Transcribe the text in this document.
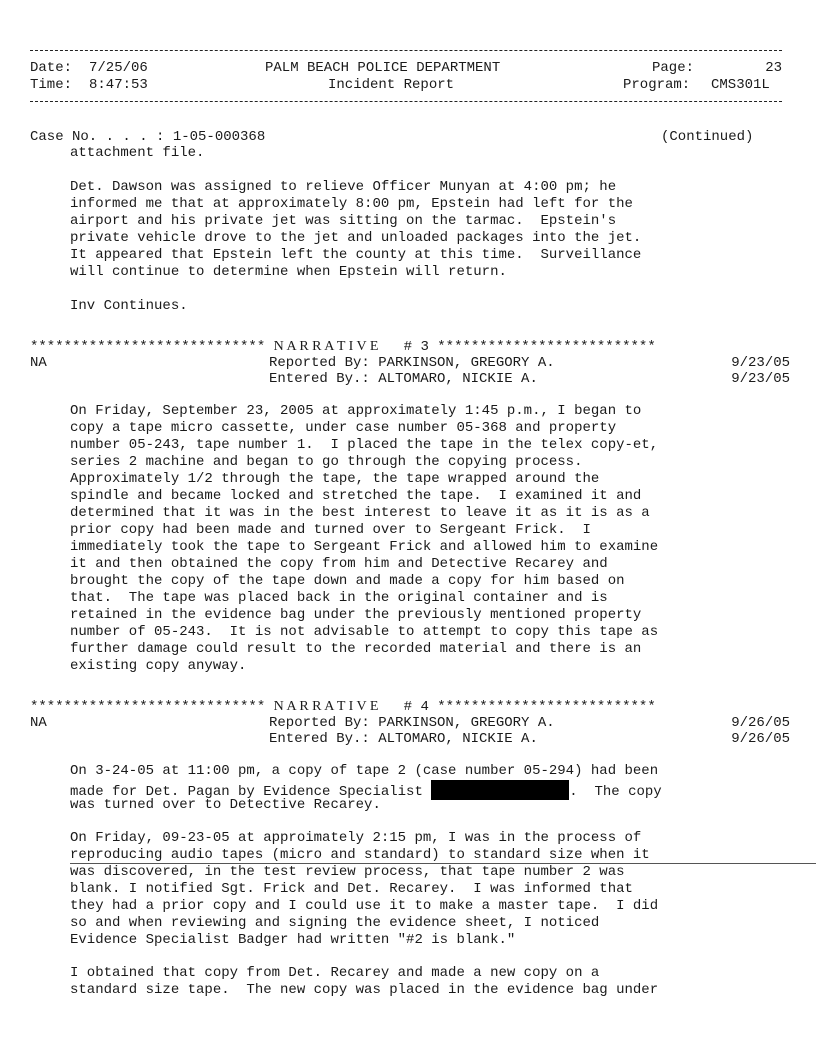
Date: 7/25/06
Time: 8:47:53
PALM BEACH POLICE DEPARTMENT
Incident Report
Page:	23
Program: CMS301L
Case No. . . . : 1-05-000368	(Continued)
attachment file.
Det. Dawson was assigned to relieve Officer Munyan at 4:00 pm; he
informed me that at approximately 8:00 pm, Epstein had left for the
airport and his private jet was sitting on the tarmac.  Epstein's
private vehicle drove to the jet and unloaded packages into the jet.
It appeared that Epstein left the county at this time.  Surveillance
will continue to determine when Epstein will return.
Inv Continues.
**************************** N A R R A T I V E # 3 **************************
NA	Reported By: PARKINSON, GREGORY A.	9/23/05
Entered By.: ALTOMARO, NICKIE A.	9/23/05
On Friday, September 23, 2005 at approximately 1:45 p.m., I began to
copy a tape micro cassette, under case number 05-368 and property
number 05-243, tape number 1.  I placed the tape in the telex copy-et,
series 2 machine and began to go through the copying process.
Approximately 1/2 through the tape, the tape wrapped around the
spindle and became locked and stretched the tape.  I examined it and
determined that it was in the best interest to leave it as it is as a
prior copy had been made and turned over to Sergeant Frick.  I
immediately took the tape to Sergeant Frick and allowed him to examine
it and then obtained the copy from him and Detective Recarey and
brought the copy of the tape down and made a copy for him based on
that.  The tape was placed back in the original container and is
retained in the evidence bag under the previously mentioned property
number of 05-243.  It is not advisable to attempt to copy this tape as
further damage could result to the recorded material and there is an
existing copy anyway.
**************************** N A R R A T I V E # 4 **************************
NA	Reported By: PARKINSON, GREGORY A.	9/26/05
Entered By.: ALTOMARO, NICKIE A.	9/26/05
On 3-24-05 at 11:00 pm, a copy of tape 2 (case number 05-294) had been
made for Det. Pagan by Evidence Specialist	.  The copy
was turned over to Detective Recarey.
On Friday, 09-23-05 at approimately 2:15 pm, I was in the process of
reproducing audio tapes (micro and standard) to standard size when it
was discovered, in the test review process, that tape number 2 was
blank. I notified Sgt. Frick and Det. Recarey.  I was informed that
they had a prior copy and I could use it to make a master tape.  I did
so and when reviewing and signing the evidence sheet, I noticed
Evidence Specialist Badger had written "#2 is blank."
I obtained that copy from Det. Recarey and made a new copy on a
standard size tape.  The new copy was placed in the evidence bag under
